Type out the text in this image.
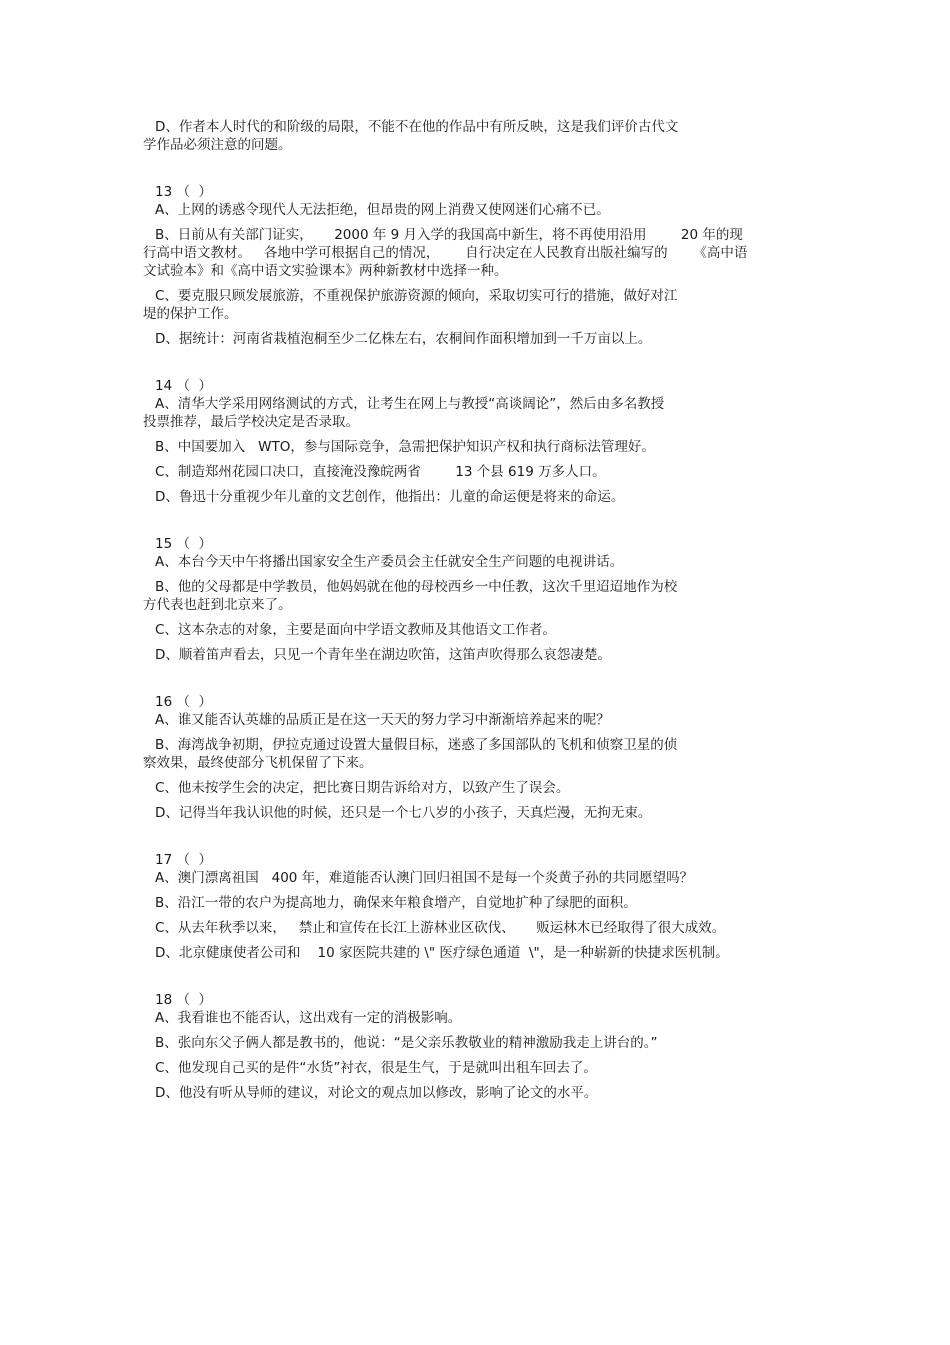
D、作者本人时代的和阶级的局限，不能不在他的作品中有所反映，这是我们评价古代文

学作品必须注意的问题。

13 （  ）

A、上网的诱惑令现代人无法拒绝，但昂贵的网上消费又使网迷们心痛不已。

B、日前从有关部门证实，     2000 年 9 月入学的我国高中新生，将不再使用沿用        20 年的现

行高中语文教材。   各地中学可根据自己的情况，      自行决定在人民教育出版社编写的      《高中语

文试验本》和《高中语文实验课本》两种新教材中选择一种。

C、要克服只顾发展旅游，不重视保护旅游资源的倾向，采取切实可行的措施，做好对江

堤的保护工作。

D、据统计：河南省栽植泡桐至少二亿株左右，农桐间作面积增加到一千万亩以上。

14 （  ）

A、清华大学采用网络测试的方式，让考生在网上与教授“高谈阔论”，然后由多名教授

投票推荐，最后学校决定是否录取。

B、中国要加入   WTO，参与国际竞争，急需把保护知识产权和执行商标法管理好。

C、制造郑州花园口决口，直接淹没豫皖两省        13 个县 619 万多人口。

D、鲁迅十分重视少年儿童的文艺创作，他指出：儿童的命运便是将来的命运。

15 （  ）

A、本台今天中午将播出国家安全生产委员会主任就安全生产问题的电视讲话。

B、他的父母都是中学教员，他妈妈就在他的母校西乡一中任教，这次千里迢迢地作为校

方代表也赶到北京来了。

C、这本杂志的对象，主要是面向中学语文教师及其他语文工作者。

D、顺着笛声看去，只见一个青年坐在湖边吹笛，这笛声吹得那么哀怨凄楚。

16 （  ）

A、谁又能否认英雄的品质正是在这一天天的努力学习中渐渐培养起来的呢？

B、海湾战争初期，伊拉克通过设置大量假目标，迷惑了多国部队的飞机和侦察卫星的侦

察效果，最终使部分飞机保留了下来。

C、他未按学生会的决定，把比赛日期告诉给对方，以致产生了误会。

D、记得当年我认识他的时候，还只是一个七八岁的小孩子，天真烂漫，无拘无束。

17 （  ）

A、澳门漂离祖国   400 年，难道能否认澳门回归祖国不是每一个炎黄子孙的共同愿望吗？

B、沿江一带的农户为提高地力，确保来年粮食增产，自觉地扩种了绿肥的面积。

C、从去年秋季以来，   禁止和宣传在长江上游林业区砍伐、     贩运林木已经取得了很大成效。

D、北京健康使者公司和    10 家医院共建的 \" 医疗绿色通道  \"，是一种崭新的快捷求医机制。

18 （  ）

A、我看谁也不能否认，这出戏有一定的消极影响。

B、张向东父子俩人都是教书的，他说：“是父亲乐教敬业的精神激励我走上讲台的。”

C、他发现自己买的是件“水货”衬衣，很是生气，于是就叫出租车回去了。

D、他没有听从导师的建议，对论文的观点加以修改，影响了论文的水平。
